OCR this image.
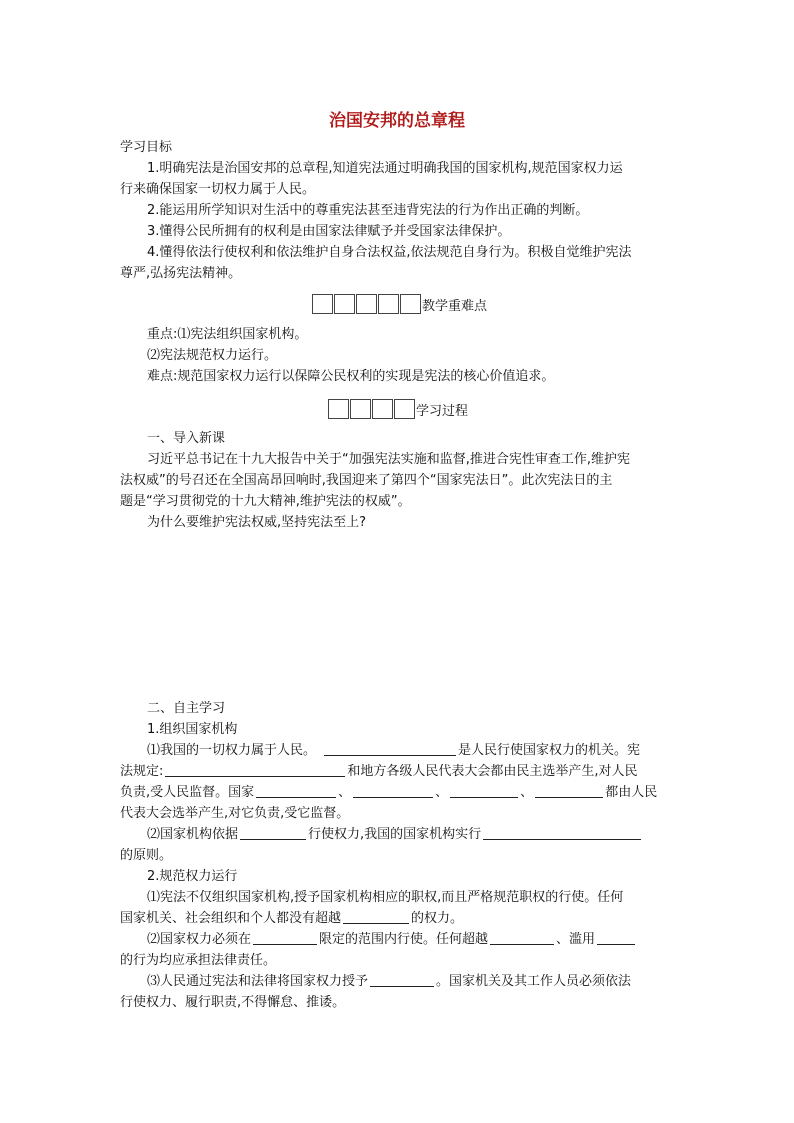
治国安邦的总章程
学习目标
1.明确宪法是治国安邦的总章程,知道宪法通过明确我国的国家机构,规范国家权力运
行来确保国家一切权力属于人民。
2.能运用所学知识对生活中的尊重宪法甚至违背宪法的行为作出正确的判断。
3.懂得公民所拥有的权利是由国家法律赋予并受国家法律保护。
4.懂得依法行使权利和依法维护自身合法权益,依法规范自身行为。积极自觉维护宪法
尊严,弘扬宪法精神。
教学重难点
重点:⑴宪法组织国家机构。
⑵宪法规范权力运行。
难点:规范国家权力运行以保障公民权利的实现是宪法的核心价值追求。
学习过程
一、导入新课
习近平总书记在十九大报告中关于“加强宪法实施和监督,推进合宪性审查工作,维护宪
法权威”的号召还在全国高昂回响时,我国迎来了第四个“国家宪法日”。此次宪法日的主
题是“学习贯彻党的十九大精神,维护宪法的权威”。
为什么要维护宪法权威,坚持宪法至上?
二、自主学习
1.组织国家机构
⑴我国的一切权力属于人民。	是人民行使国家权力的机关。宪
法规定:	和地方各级人民代表大会都由民主选举产生,对人民
负责,受人民监督。国家	、	、	、	都由人民
代表大会选举产生,对它负责,受它监督。
⑵国家机构依据	行使权力,我国的国家机构实行
的原则。
2.规范权力运行
⑴宪法不仅组织国家机构,授予国家机构相应的职权,而且严格规范职权的行使。任何
国家机关、社会组织和个人都没有超越	的权力。
⑵国家权力必须在	限定的范围内行使。任何超越	、滥用
的行为均应承担法律责任。
⑶人民通过宪法和法律将国家权力授予	。国家机关及其工作人员必须依法
行使权力、履行职责,不得懈怠、推诿。
